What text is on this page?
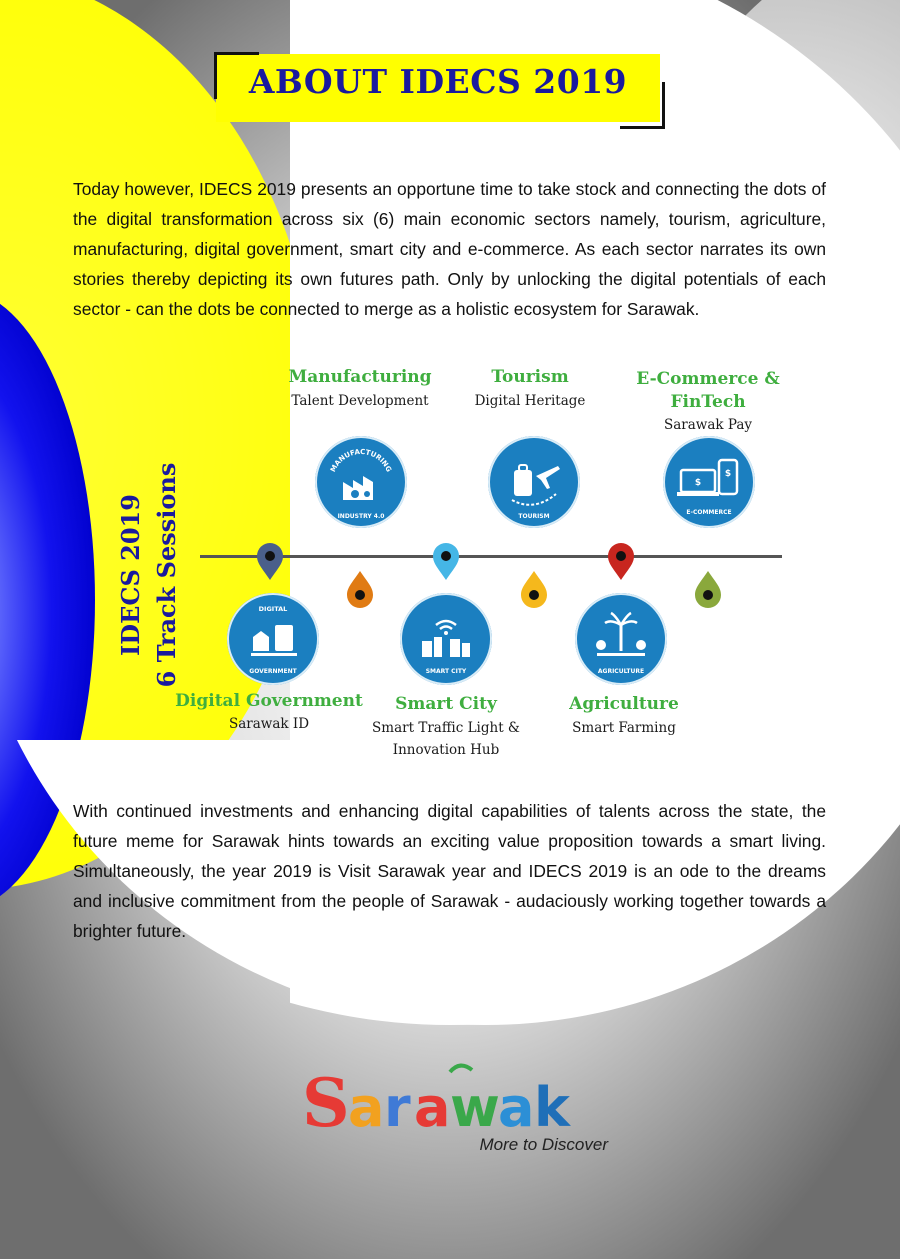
ABOUT IDECS 2019

Today however, IDECS 2019 presents an opportune time to take stock and connecting the dots of the digital transformation across six (6) main economic sectors namely, tourism, agriculture, manufacturing, digital government, smart city and e-commerce. As each sector narrates its own stories thereby depicting its own futures path. Only by unlocking the digital potentials of each sector - can the dots be connected to merge as a holistic ecosystem for Sarawak.

IDECS 2019 6 Track Sessions
Manufacturing
Talent Development
Tourism
Digital Heritage
E-Commerce &
FinTech
Sarawak Pay
MANUFACTURING
INDUSTRY 4.0	TOURISM
$
$
E-COMMERCE
DIGITAL
GOVERNMENT	SMART CITY	AGRICULTURE
Digital Government
Sarawak ID
Smart City
Smart Traffic Light &
Innovation Hub
Agriculture
Smart Farming

With continued investments and enhancing digital capabilities of talents across the state, the future meme for Sarawak hints towards an exciting value proposition towards a smart living. Simultaneously, the year 2019 is Visit Sarawak year and IDECS 2019 is an ode to the dreams and inclusive commitment from the people of Sarawak - audaciously working together towards a brighter future.

S
a r a w
a k
More to Discover
